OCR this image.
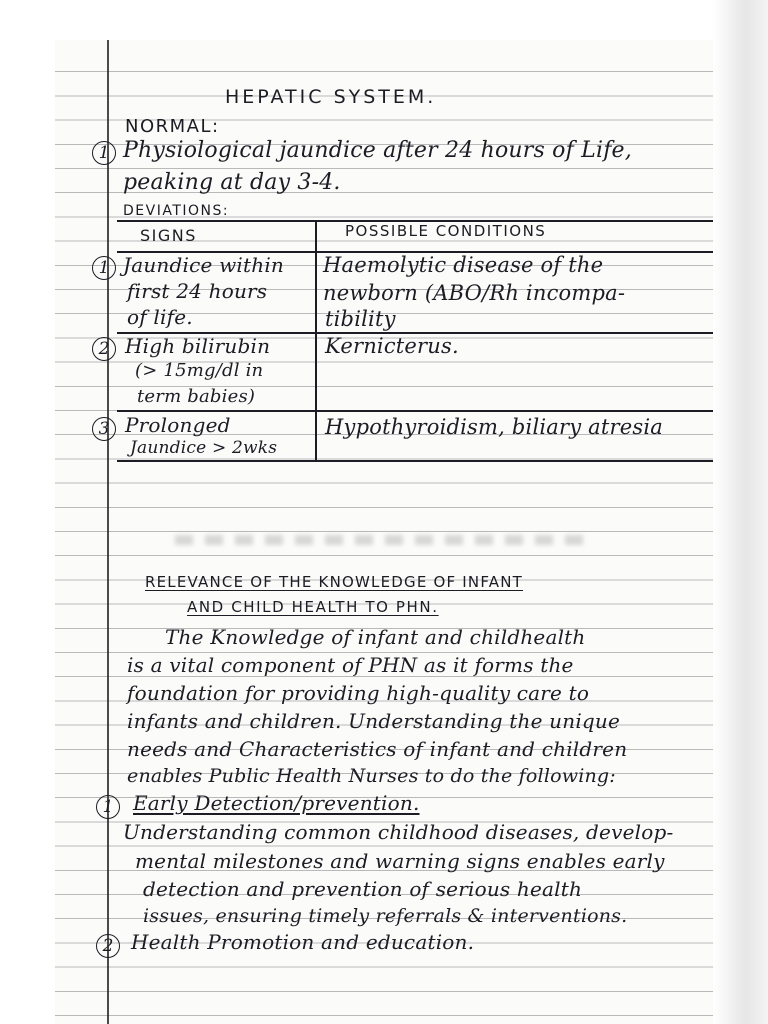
HEPATIC SYSTEM.
NORMAL:
1 Physiological jaundice after 24 hours of Life,
peaking at day 3-4.
DEVIATIONS:
SIGNS	POSSIBLE CONDITIONS
1 Jaundice within
first 24 hours
of life.
Haemolytic disease of the
newborn (ABO/Rh incompa-
tibility
2 High bilirubin
(> 15mg/dl in
term babies)
Kernicterus.
3 Prolonged
Jaundice > 2wks
Hypothyroidism, biliary atresia
RELEVANCE OF THE KNOWLEDGE OF INFANT
AND CHILD HEALTH TO PHN.
The Knowledge of infant and childhealth
is a vital component of PHN as it forms the
foundation for providing high-quality care to
infants and children. Understanding the unique
needs and Characteristics of infant and children
enables Public Health Nurses to do the following:
1 Early Detection/prevention.
Understanding common childhood diseases, develop-
mental milestones and warning signs enables early
detection and prevention of serious health
issues, ensuring timely referrals & interventions.
2 Health Promotion and education.
